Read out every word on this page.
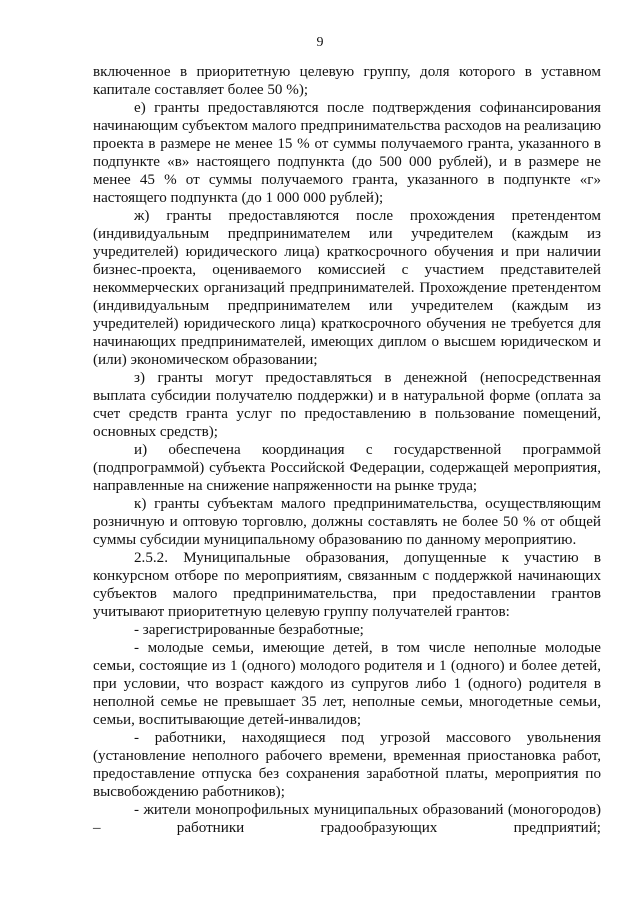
9

включенное в приоритетную целевую группу, доля которого в уставном капитале составляет более 50 %);

е) гранты предоставляются после подтверждения софинансирования начинающим субъектом малого предпринимательства расходов на реализацию проекта в размере не менее 15 % от суммы получаемого гранта, указанного в подпункте «в» настоящего подпункта (до 500 000 рублей), и в размере не менее 45 % от суммы получаемого гранта, указанного в подпункте «г» настоящего подпункта (до 1 000 000 рублей);

ж) гранты предоставляются после прохождения претендентом (индивидуальным предпринимателем или учредителем (каждым из учредителей) юридического лица) краткосрочного обучения и при наличии бизнес-проекта, оцениваемого комиссией с участием представителей некоммерческих организаций предпринимателей. Прохождение претендентом (индивидуальным предпринимателем или учредителем (каждым из учредителей) юридического лица) краткосрочного обучения не требуется для начинающих предпринимателей, имеющих диплом о высшем юридическом и (или) экономическом образовании;

з) гранты могут предоставляться в денежной (непосредственная выплата субсидии получателю поддержки) и в натуральной форме (оплата за счет средств гранта услуг по предоставлению в пользование помещений, основных средств);

и) обеспечена координация с государственной программой (подпрограммой) субъекта Российской Федерации, содержащей мероприятия, направленные на снижение напряженности на рынке труда;

к) гранты субъектам малого предпринимательства, осуществляющим розничную и оптовую торговлю, должны составлять не более 50 % от общей суммы субсидии муниципальному образованию по данному мероприятию.

2.5.2. Муниципальные образования, допущенные к участию в конкурсном отборе по мероприятиям, связанным с поддержкой начинающих субъектов малого предпринимательства, при предоставлении грантов учитывают приоритетную целевую группу получателей грантов:

- зарегистрированные безработные;

- молодые семьи, имеющие детей, в том числе неполные молодые семьи, состоящие из 1 (одного) молодого родителя и 1 (одного) и более детей, при условии, что возраст каждого из супругов либо 1 (одного) родителя в неполной семье не превышает 35 лет, неполные семьи, многодетные семьи, семьи, воспитывающие детей-инвалидов;

- работники, находящиеся под угрозой массового увольнения (установление неполного рабочего времени, временная приостановка работ, предоставление отпуска без сохранения заработной платы, мероприятия по высвобождению работников);

- жители монопрофильных муниципальных образований (моногородов) – работники градообразующих предприятий;
